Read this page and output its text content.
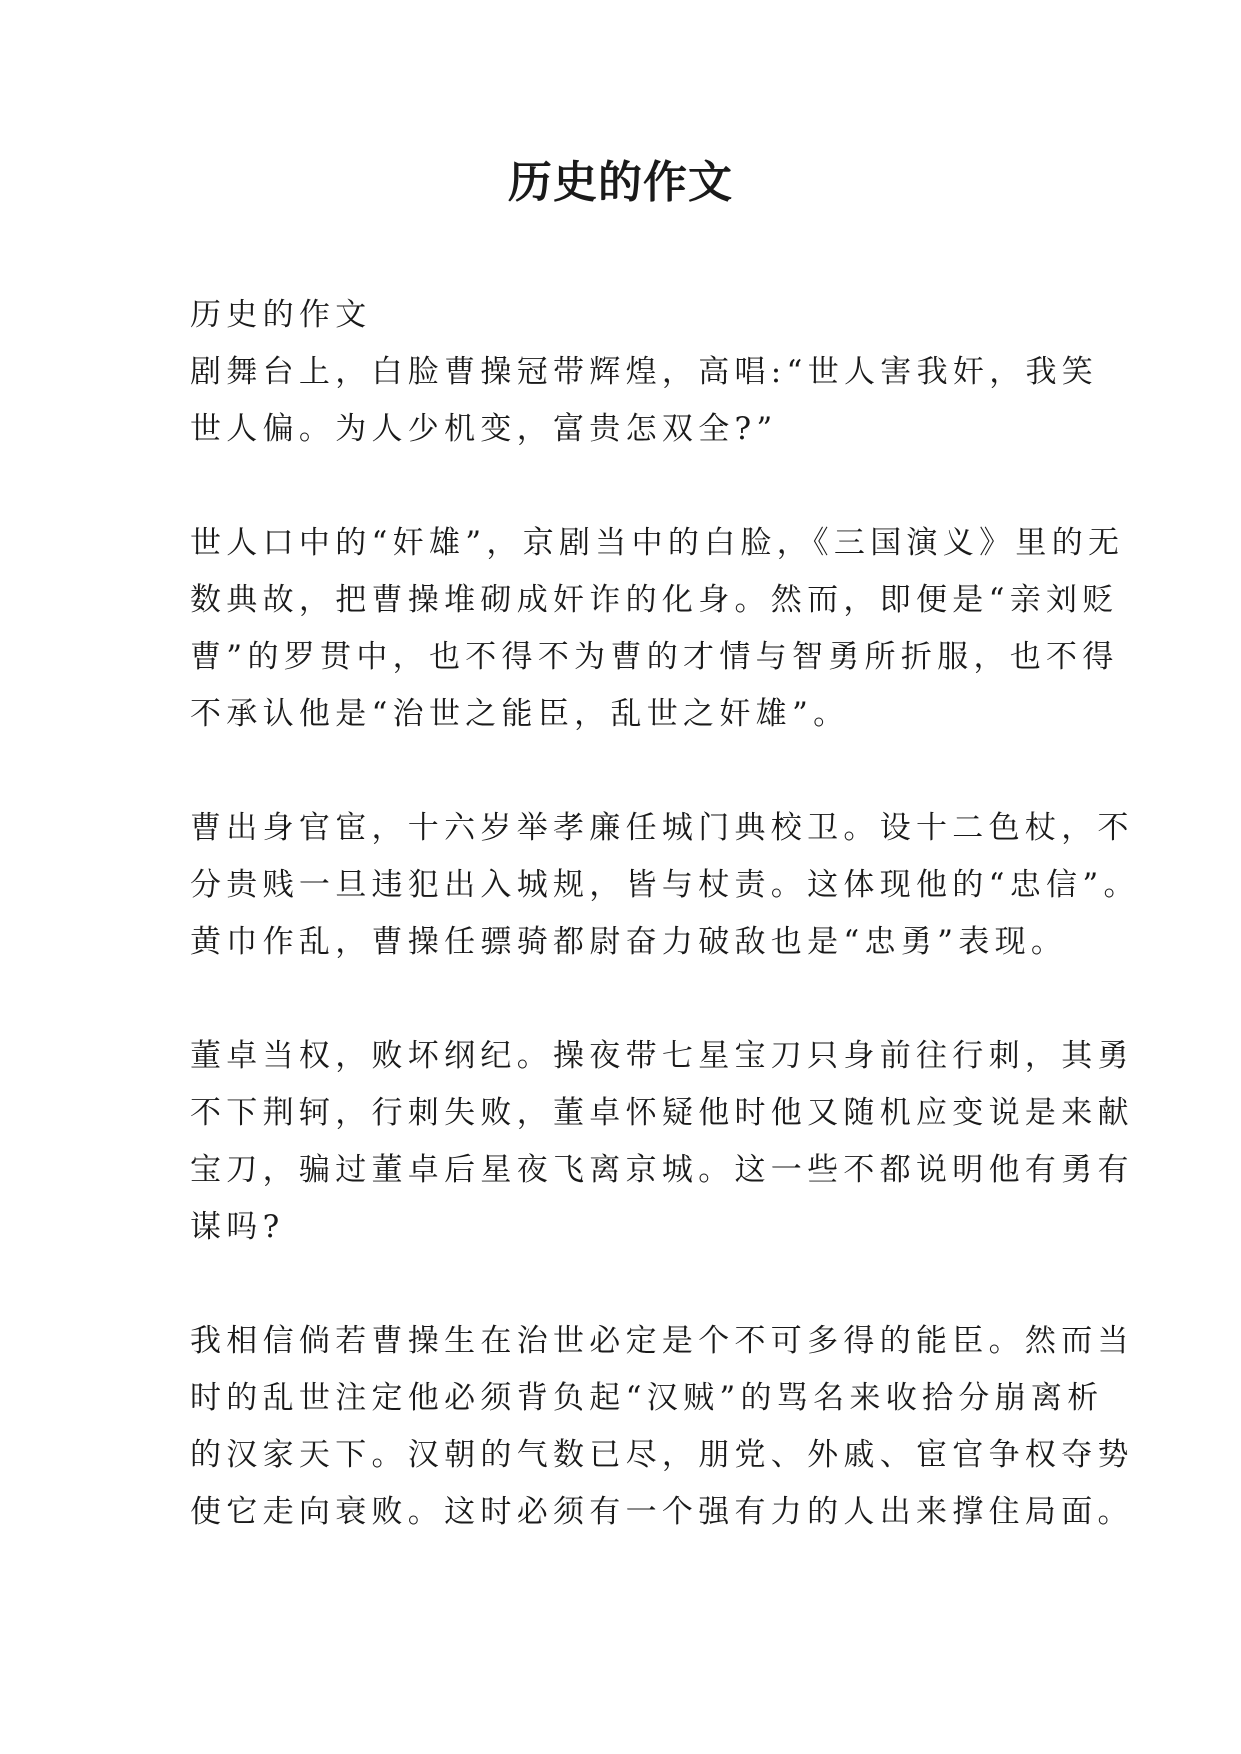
历史的作文
历史的作文
剧舞台上，白脸曹操冠带辉煌，高唱:“世人害我奸，我笑
世人偏。为人少机变，富贵怎双全?”
世人口中的“奸雄”，京剧当中的白脸，《三国演义》里的无
数典故，把曹操堆砌成奸诈的化身。然而，即便是“亲刘贬
曹”的罗贯中，也不得不为曹的才情与智勇所折服，也不得
不承认他是“治世之能臣，乱世之奸雄”。
曹出身官宦，十六岁举孝廉任城门典校卫。设十二色杖，不
分贵贱一旦违犯出入城规，皆与杖责。这体现他的“忠信”。
黄巾作乱，曹操任骠骑都尉奋力破敌也是“忠勇”表现。
董卓当权，败坏纲纪。操夜带七星宝刀只身前往行刺，其勇
不下荆轲，行刺失败，董卓怀疑他时他又随机应变说是来献
宝刀，骗过董卓后星夜飞离京城。这一些不都说明他有勇有
谋吗?
我相信倘若曹操生在治世必定是个不可多得的能臣。然而当
时的乱世注定他必须背负起“汉贼”的骂名来收拾分崩离析
的汉家天下。汉朝的气数已尽，朋党、外戚、宦官争权夺势
使它走向衰败。这时必须有一个强有力的人出来撑住局面。
